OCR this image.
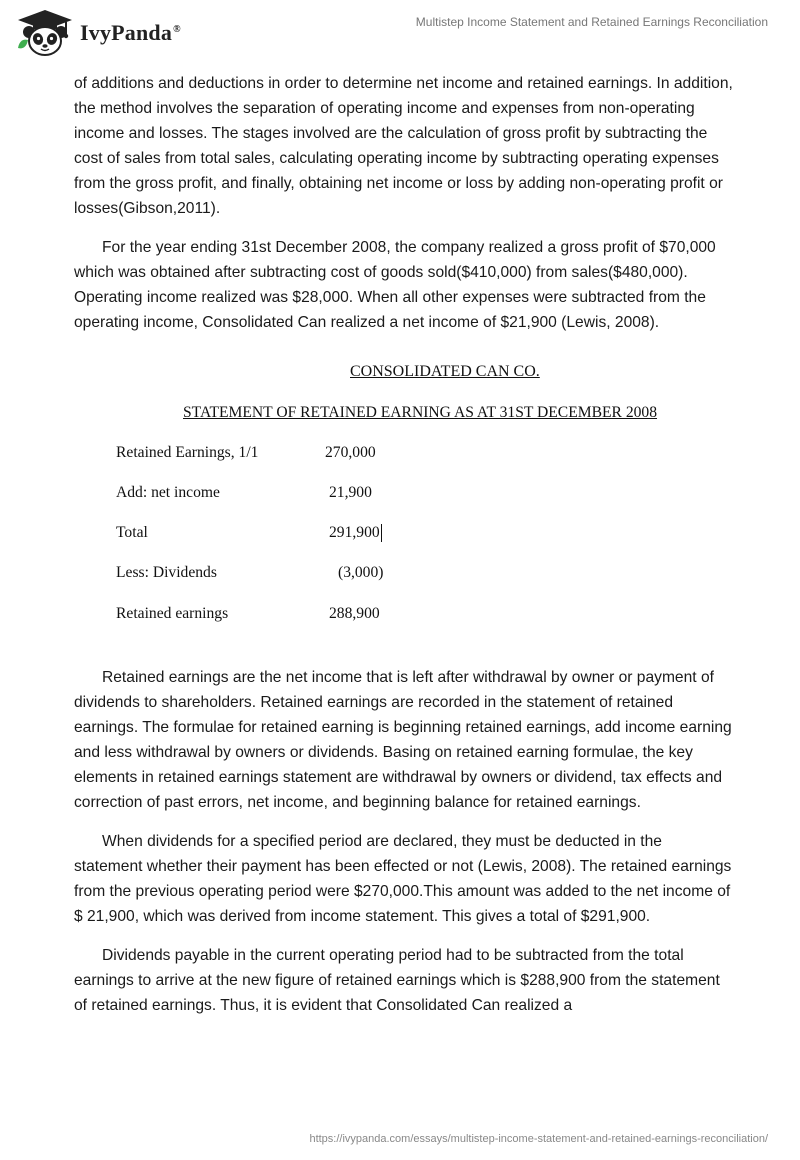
IvyPanda®
Multistep Income Statement and Retained Earnings Reconciliation

of additions and deductions in order to determine net income and retained earnings. In addition, the method involves the separation of operating income and expenses from non-operating income and losses. The stages involved are the calculation of gross profit by subtracting the cost of sales from total sales, calculating operating income by subtracting operating expenses from the gross profit, and finally, obtaining net income or loss by adding non-operating profit or losses(Gibson,2011).

For the year ending 31st December 2008, the company realized a gross profit of $70,000 which was obtained after subtracting cost of goods sold($410,000) from sales($480,000). Operating income realized was $28,000. When all other expenses were subtracted from the operating income, Consolidated Can realized a net income of $21,900 (Lewis, 2008).

CONSOLIDATED CAN CO.
STATEMENT OF RETAINED EARNING AS AT 31ST DECEMBER 2008
Retained Earnings, 1/1	270,000
Add: net income	21,900
Total	291,900
Less: Dividends	(3,000)
Retained earnings	288,900

Retained earnings are the net income that is left after withdrawal by owner or payment of dividends to shareholders. Retained earnings are recorded in the statement of retained earnings. The formulae for retained earning is beginning retained earnings, add income earning and less withdrawal by owners or dividends. Basing on retained earning formulae, the key elements in retained earnings statement are withdrawal by owners or dividend, tax effects and correction of past errors, net income, and beginning balance for retained earnings.

When dividends for a specified period are declared, they must be deducted in the statement whether their payment has been effected or not (Lewis, 2008). The retained earnings from the previous operating period were $270,000.This amount was added to the net income of $ 21,900, which was derived from income statement. This gives a total of $291,900.

Dividends payable in the current operating period had to be subtracted from the total earnings to arrive at the new figure of retained earnings which is $288,900 from the statement of retained earnings. Thus, it is evident that Consolidated Can realized a

https://ivypanda.com/essays/multistep-income-statement-and-retained-earnings-reconciliation/
